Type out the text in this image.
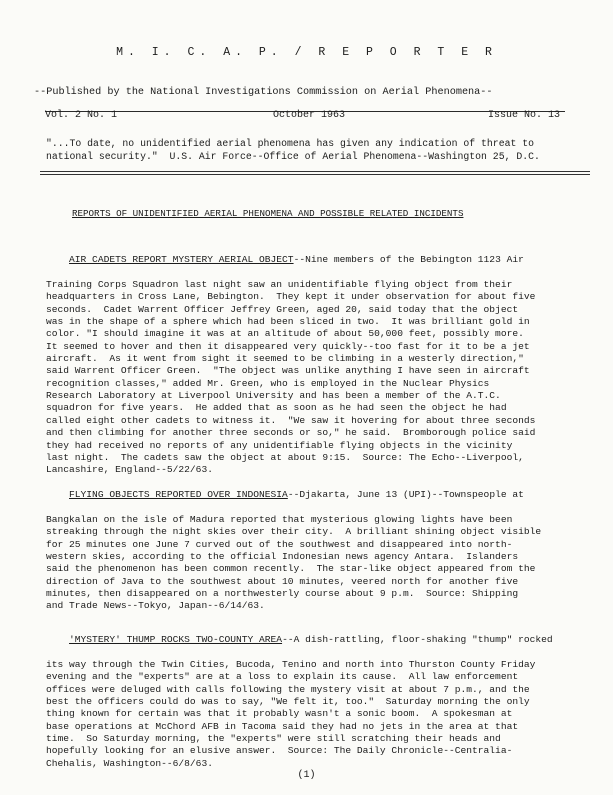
M. I. C. A. P. / R E P O R T E R
--Published by the National Investigations Commission on Aerial Phenomena--
Vol. 2 No. 1	October 1963	Issue No. 13
"...To date, no unidentified aerial phenomena has given any indication of threat to
national security."  U.S. Air Force--Office of Aerial Phenomena--Washington 25, D.C.
REPORTS OF UNIDENTIFIED AERIAL PHENOMENA AND POSSIBLE RELATED INCIDENTS

AIR CADETS REPORT MYSTERY AERIAL OBJECT--Nine members of the Bebington 1123 Air

Training Corps Squadron last night saw an unidentifiable flying object from their
headquarters in Cross Lane, Bebington.  They kept it under observation for about five
seconds.  Cadet Warrent Officer Jeffrey Green, aged 20, said today that the object
was in the shape of a sphere which had been sliced in two.  It was brilliant gold in
color. "I should imagine it was at an altitude of about 50,000 feet, possibly more.
It seemed to hover and then it disappeared very quickly--too fast for it to be a jet
aircraft.  As it went from sight it seemed to be climbing in a westerly direction,"
said Warrent Officer Green.  "The object was unlike anything I have seen in aircraft
recognition classes," added Mr. Green, who is employed in the Nuclear Physics
Research Laboratory at Liverpool University and has been a member of the A.T.C.
squadron for five years.  He added that as soon as he had seen the object he had
called eight other cadets to witness it.  "We saw it hovering for about three seconds
and then climbing for another three seconds or so," he said.  Bromborough police said
they had received no reports of any unidentifiable flying objects in the vicinity
last night.  The cadets saw the object at about 9:15.  Source: The Echo--Liverpool,
Lancashire, England--5/22/63.

FLYING OBJECTS REPORTED OVER INDONESIA--Djakarta, June 13 (UPI)--Townspeople at

Bangkalan on the isle of Madura reported that mysterious glowing lights have been
streaking through the night skies over their city.  A brilliant shining object visible
for 25 minutes one June 7 curved out of the southwest and disappeared into north-
western skies, according to the official Indonesian news agency Antara.  Islanders
said the phenomenon has been common recently.  The star-like object appeared from the
direction of Java to the southwest about 10 minutes, veered north for another five
minutes, then disappeared on a northwesterly course about 9 p.m.  Source: Shipping
and Trade News--Tokyo, Japan--6/14/63.

'MYSTERY' THUMP ROCKS TWO-COUNTY AREA--A dish-rattling, floor-shaking "thump" rocked

its way through the Twin Cities, Bucoda, Tenino and north into Thurston County Friday
evening and the "experts" are at a loss to explain its cause.  All law enforcement
offices were deluged with calls following the mystery visit at about 7 p.m., and the
best the officers could do was to say, "We felt it, too."  Saturday morning the only
thing known for certain was that it probably wasn't a sonic boom.  A spokesman at
base operations at McChord AFB in Tacoma said they had no jets in the area at that
time.  So Saturday morning, the "experts" were still scratching their heads and
hopefully looking for an elusive answer.  Source: The Daily Chronicle--Centralia-
Chehalis, Washington--6/8/63.

(1)
